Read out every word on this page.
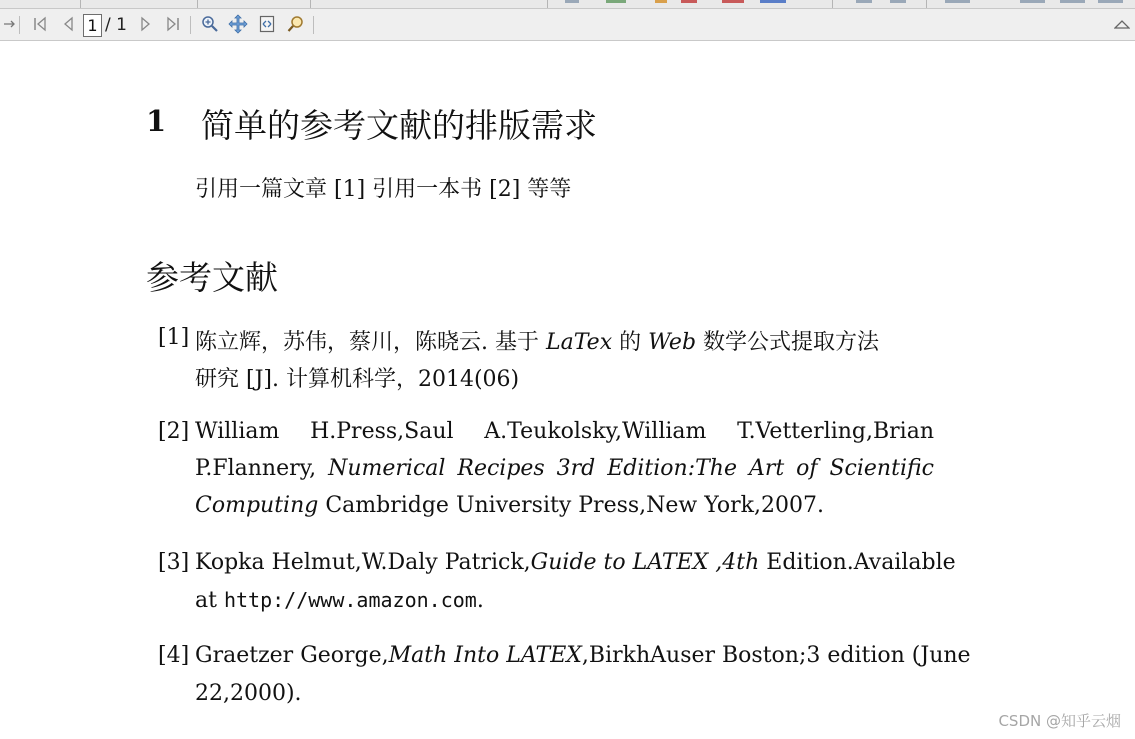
1 / 1
1 简单的参考文献的排版需求
引用一篇文章 [1] 引用一本书 [2] 等等
参考文献
[1] 陈立辉，苏伟，蔡川，陈晓云. 基于 LaTex 的 Web 数学公式提取方法
研究 [J]. 计算机科学，2014(06)
[2] William H.Press,Saul A.Teukolsky,William T.Vetterling,Brian
P.Flannery, Numerical Recipes 3rd Edition:The Art of Scientific
Computing Cambridge University Press,New York,2007.
[3] Kopka Helmut,W.Daly Patrick,Guide to LATEX ,4th Edition.Available
at http://www.amazon.com.
[4] Graetzer George,Math Into LATEX,BirkhAuser Boston;3 edition (June
22,2000).
CSDN @知乎云烟
